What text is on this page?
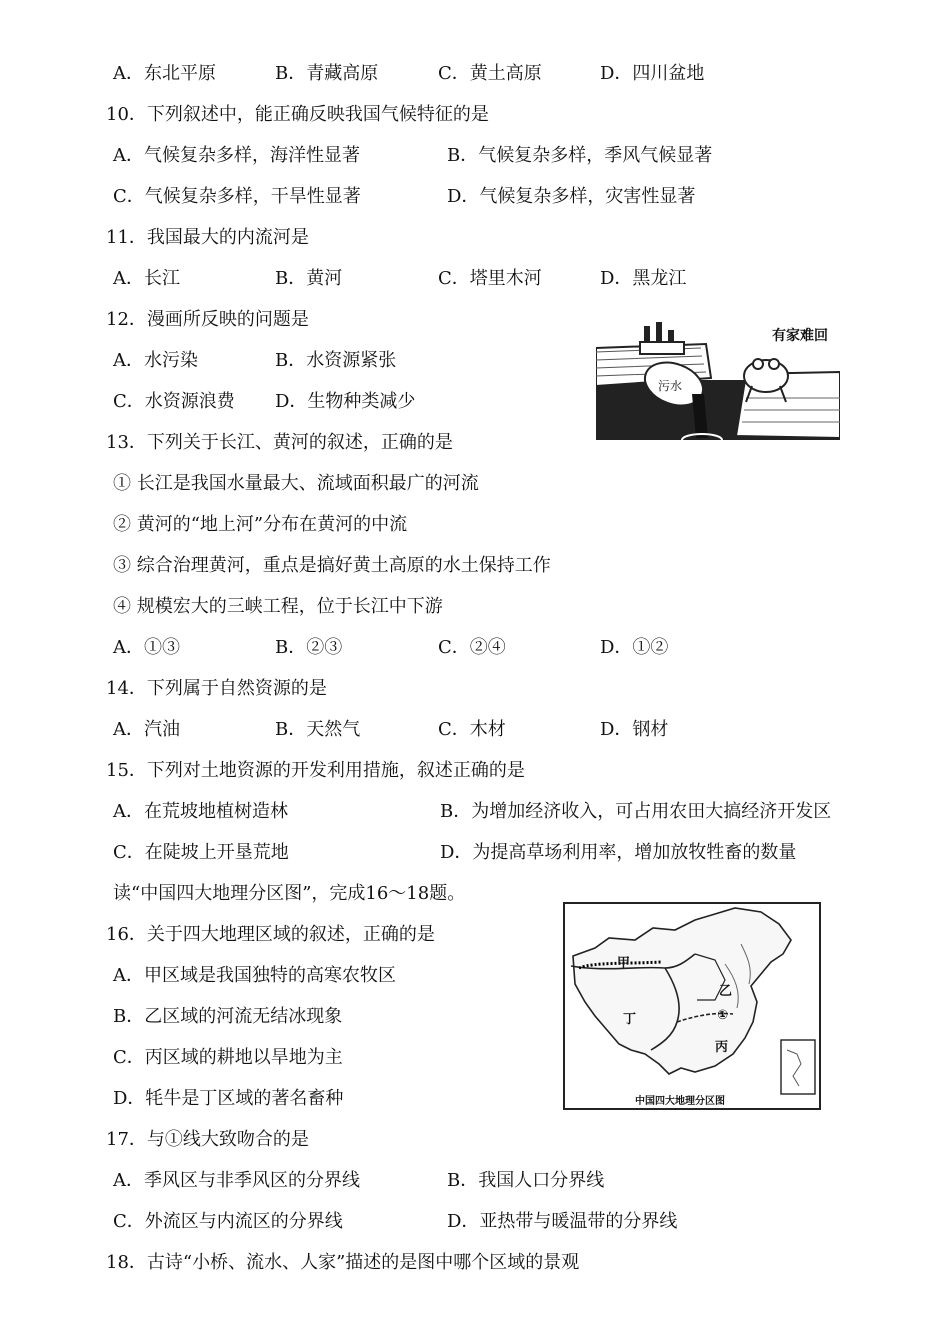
A．东北平原	B．青藏高原	C．黄土高原	D．四川盆地
10．下列叙述中，能正确反映我国气候特征的是
A．气候复杂多样，海洋性显著	B．气候复杂多样，季风气候显著
C．气候复杂多样，干旱性显著	D．气候复杂多样，灾害性显著
11．我国最大的内流河是
A．长江	B．黄河	C．塔里木河	D．黑龙江
12．漫画所反映的问题是
A．水污染	B．水资源紧张
C．水资源浪费 D．生物种类减少
污水
有家难回
13．下列关于长江、黄河的叙述，正确的是
① 长江是我国水量最大、流域面积最广的河流
② 黄河的“地上河”分布在黄河的中流
③ 综合治理黄河，重点是搞好黄土高原的水土保持工作
④ 规模宏大的三峡工程，位于长江中下游
A．①③	B．②③	C．②④	D．①②
14．下列属于自然资源的是
A．汽油	B．天然气	C．木材	D．钢材
15．下列对土地资源的开发利用措施，叙述正确的是
A．在荒坡地植树造林	B．为增加经济收入，可占用农田大搞经济开发区
C．在陡坡上开垦荒地	D．为提高草场利用率，增加放牧牲畜的数量
读“中国四大地理分区图”，完成16～18题。
甲
乙
丁	①
丙
中国四大地理分区图
16．关于四大地理区域的叙述，正确的是
A．甲区域是我国独特的高寒农牧区
B．乙区域的河流无结冰现象
C．丙区域的耕地以旱地为主
D．牦牛是丁区域的著名畜种
17．与①线大致吻合的是
A．季风区与非季风区的分界线	B．我国人口分界线
C．外流区与内流区的分界线	D．亚热带与暖温带的分界线
18．古诗“小桥、流水、人家”描述的是图中哪个区域的景观
